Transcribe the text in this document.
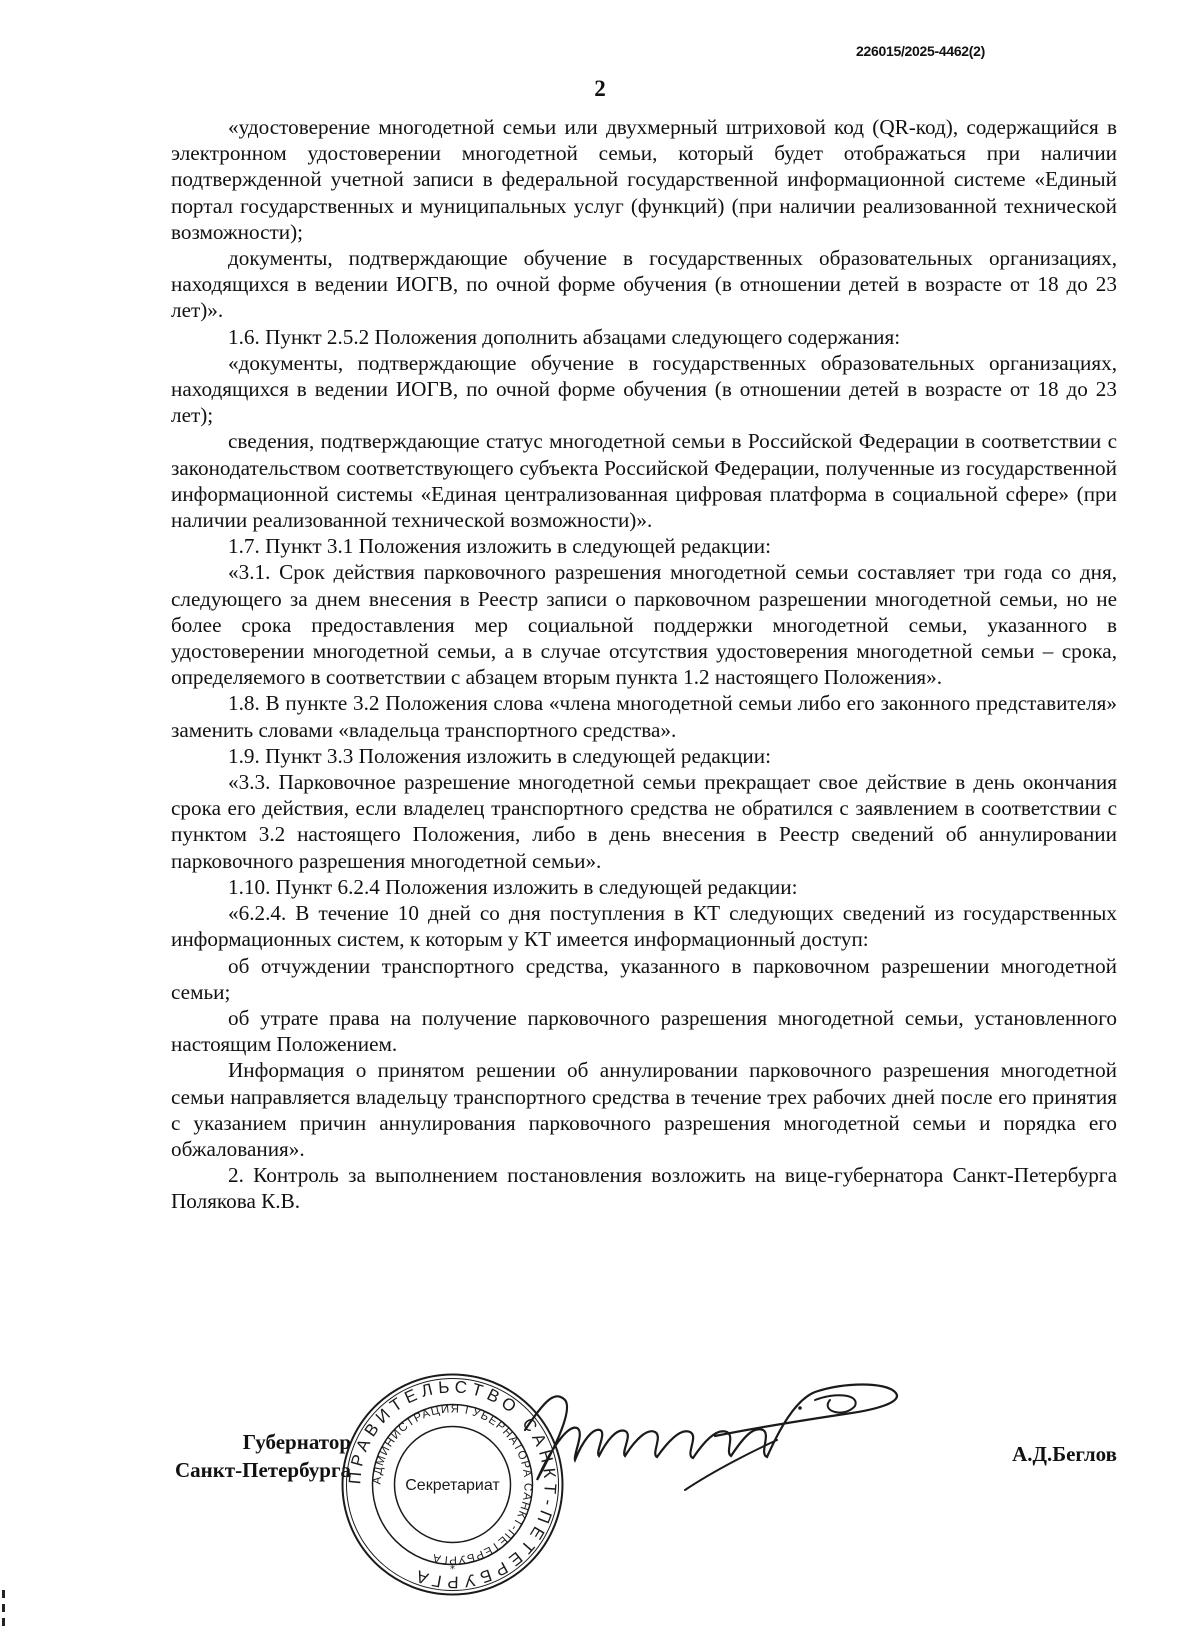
226015/2025-4462(2)
2

«удостоверение многодетной семьи или двухмерный штриховой код (QR-код), содержащийся в электронном удостоверении многодетной семьи, который будет отображаться при наличии подтвержденной учетной записи в федеральной государственной информационной системе «Единый портал государственных и муниципальных услуг (функций) (при наличии реализованной технической возможности);

документы, подтверждающие обучение в государственных образовательных организациях, находящихся в ведении ИОГВ, по очной форме обучения (в отношении детей в возрасте от 18 до 23 лет)».

1.6. Пункт 2.5.2 Положения дополнить абзацами следующего содержания:

«документы, подтверждающие обучение в государственных образовательных организациях, находящихся в ведении ИОГВ, по очной форме обучения (в отношении детей в возрасте от 18 до 23 лет);

сведения, подтверждающие статус многодетной семьи в Российской Федерации в соответствии с законодательством соответствующего субъекта Российской Федерации, полученные из государственной информационной системы «Единая централизованная цифровая платформа в социальной сфере» (при наличии реализованной технической возможности)».

1.7. Пункт 3.1 Положения изложить в следующей редакции:

«3.1. Срок действия парковочного разрешения многодетной семьи составляет три года со дня, следующего за днем внесения в Реестр записи о парковочном разрешении многодетной семьи, но не более срока предоставления мер социальной поддержки многодетной семьи, указанного в удостоверении многодетной семьи, а в случае отсутствия удостоверения многодетной семьи – срока, определяемого в соответствии с абзацем вторым пункта 1.2 настоящего Положения».

1.8. В пункте 3.2 Положения слова «члена многодетной семьи либо его законного представителя» заменить словами «владельца транспортного средства».

1.9. Пункт 3.3 Положения изложить в следующей редакции:

«3.3. Парковочное разрешение многодетной семьи прекращает свое действие в день окончания срока его действия, если владелец транспортного средства не обратился с заявлением в соответствии с пунктом 3.2 настоящего Положения, либо в день внесения в Реестр сведений об аннулировании парковочного разрешения многодетной семьи».

1.10. Пункт 6.2.4 Положения изложить в следующей редакции:

«6.2.4. В течение 10 дней со дня поступления в КТ следующих сведений из государственных информационных систем, к которым у КТ имеется информационный доступ:

об отчуждении транспортного средства, указанного в парковочном разрешении многодетной семьи;

об утрате права на получение парковочного разрешения многодетной семьи, установленного настоящим Положением.

Информация о принятом решении об аннулировании парковочного разрешения многодетной семьи направляется владельцу транспортного средства в течение трех рабочих дней после его принятия с указанием причин аннулирования парковочного разрешения многодетной семьи и порядка его обжалования».

2. Контроль за выполнением постановления возложить на вице-губернатора Санкт-Петербурга Полякова К.В.

Губернатор
Санкт-Петербурга
А.Д.Беглов
ПРАВИТЕЛЬСТВО САНКТ-ПЕТЕРБУРГА
АДМИНИСТРАЦИЯ ГУБЕРНАТОРА САНКТ-ПЕТЕРБУРГА
Секретариат
*
